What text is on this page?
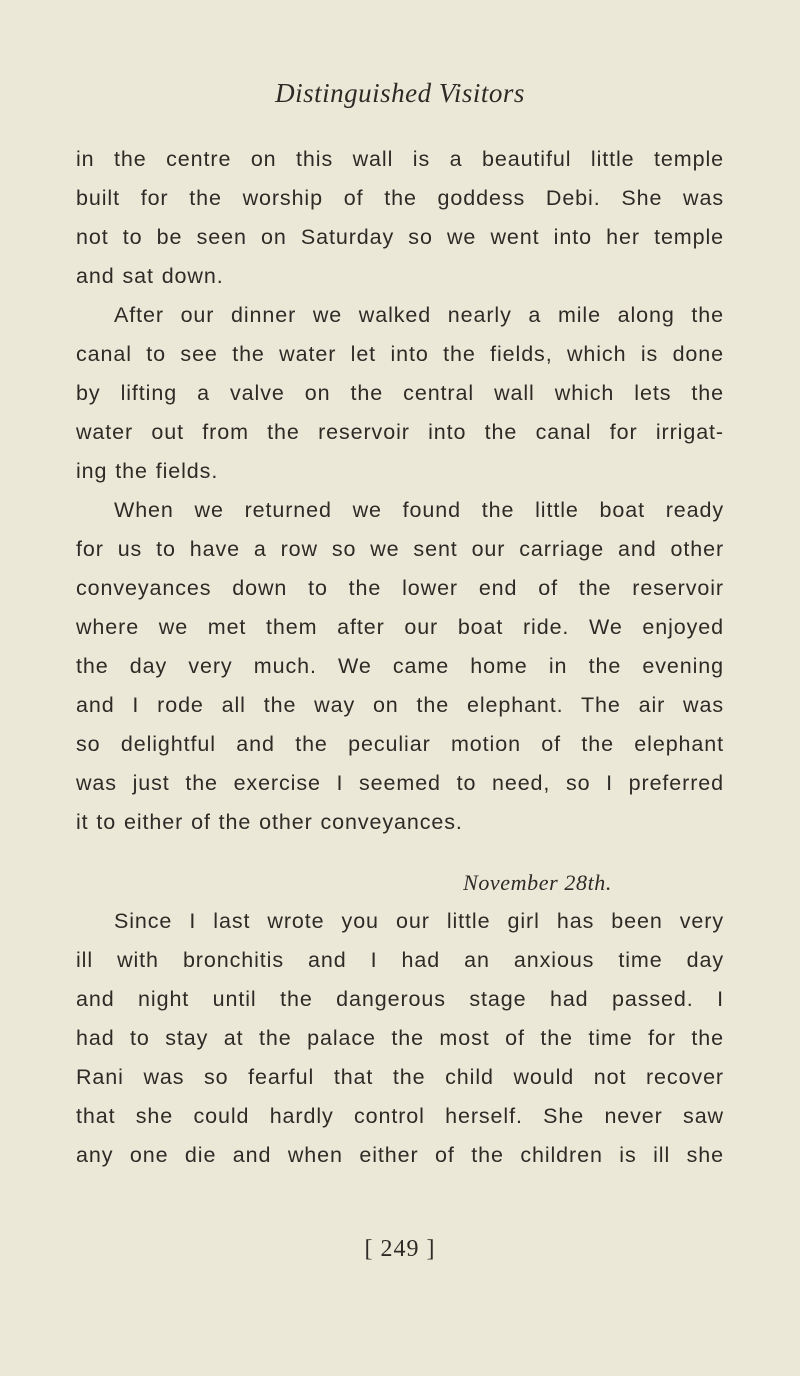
Distinguished Visitors
in the centre on this wall is a beautiful little temple
built for the worship of the goddess Debi. She was
not to be seen on Saturday so we went into her temple
and sat down.
After our dinner we walked nearly a mile along the
canal to see the water let into the fields, which is done
by lifting a valve on the central wall which lets the
water out from the reservoir into the canal for irrigat-
ing the fields.
When we returned we found the little boat ready
for us to have a row so we sent our carriage and other
conveyances down to the lower end of the reservoir
where we met them after our boat ride. We enjoyed
the day very much. We came home in the evening
and I rode all the way on the elephant. The air was
so delightful and the peculiar motion of the elephant
was just the exercise I seemed to need, so I preferred
it to either of the other conveyances.
November 28th.
Since I last wrote you our little girl has been very
ill with bronchitis and I had an anxious time day
and night until the dangerous stage had passed. I
had to stay at the palace the most of the time for the
Rani was so fearful that the child would not recover
that she could hardly control herself. She never saw
any one die and when either of the children is ill she
[ 249 ]
